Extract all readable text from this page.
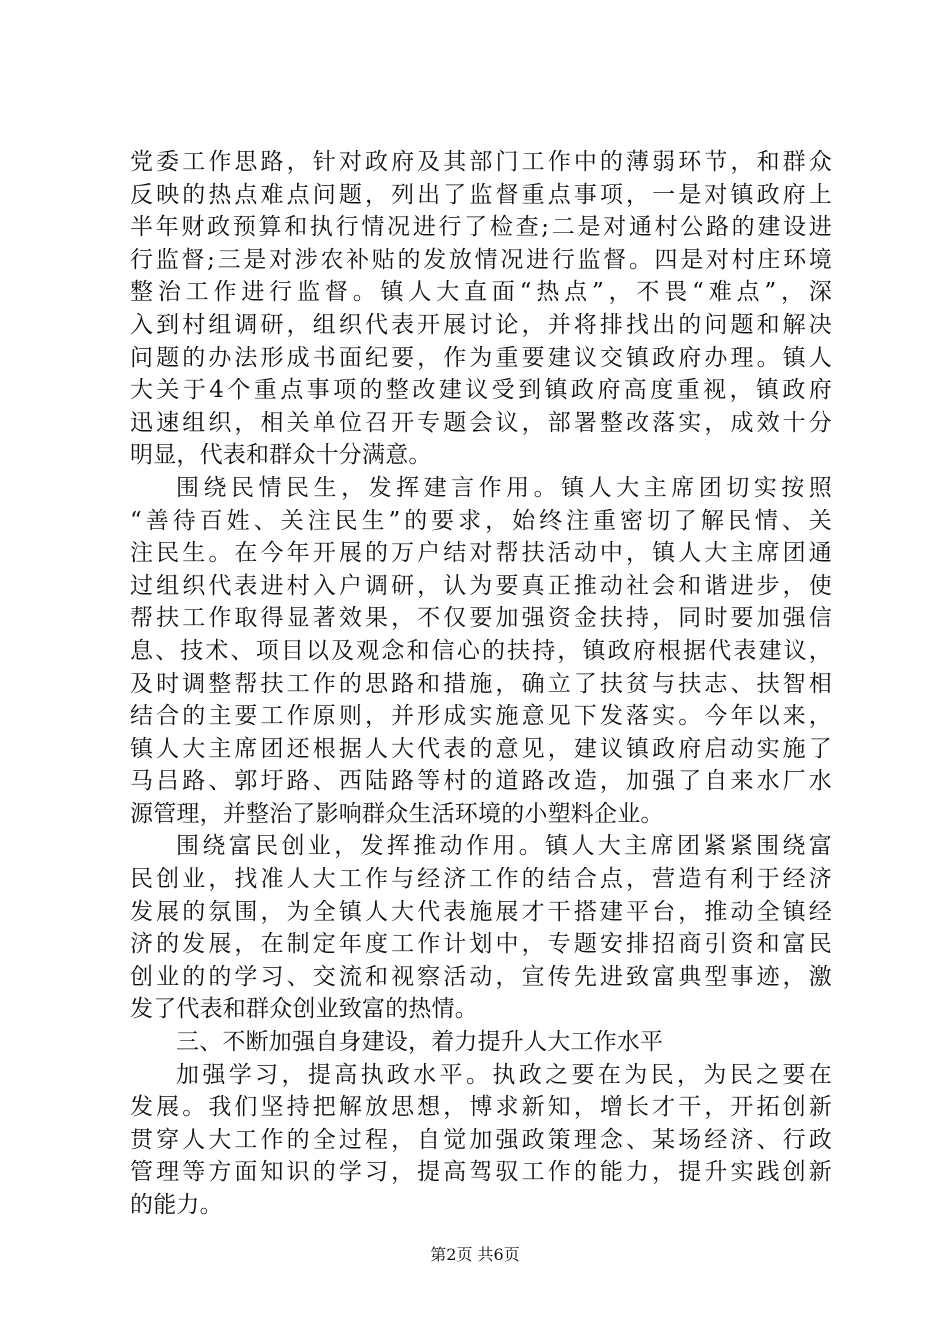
党委工作思路，针对政府及其部门工作中的薄弱环节，和群众
反映的热点难点问题，列出了监督重点事项，一是对镇政府上
半年财政预算和执行情况进行了检查;二是对通村公路的建设进
行监督;三是对涉农补贴的发放情况进行监督。四是对村庄环境
整治工作进行监督。镇人大直面“热点”，不畏“难点”，深
入到村组调研，组织代表开展讨论，并将排找出的问题和解决
问题的办法形成书面纪要，作为重要建议交镇政府办理。镇人
大关于4个重点事项的整改建议受到镇政府高度重视，镇政府
迅速组织，相关单位召开专题会议，部署整改落实，成效十分
明显，代表和群众十分满意。
围绕民情民生，发挥建言作用。镇人大主席团切实按照
“善待百姓、关注民生”的要求，始终注重密切了解民情、关
注民生。在今年开展的万户结对帮扶活动中，镇人大主席团通
过组织代表进村入户调研，认为要真正推动社会和谐进步，使
帮扶工作取得显著效果，不仅要加强资金扶持，同时要加强信
息、技术、项目以及观念和信心的扶持，镇政府根据代表建议，
及时调整帮扶工作的思路和措施，确立了扶贫与扶志、扶智相
结合的主要工作原则，并形成实施意见下发落实。今年以来，
镇人大主席团还根据人大代表的意见，建议镇政府启动实施了
马吕路、郭圩路、西陆路等村的道路改造，加强了自来水厂水
源管理，并整治了影响群众生活环境的小塑料企业。
围绕富民创业，发挥推动作用。镇人大主席团紧紧围绕富
民创业，找准人大工作与经济工作的结合点，营造有利于经济
发展的氛围，为全镇人大代表施展才干搭建平台，推动全镇经
济的发展，在制定年度工作计划中，专题安排招商引资和富民
创业的的学习、交流和视察活动，宣传先进致富典型事迹，激
发了代表和群众创业致富的热情。
三、不断加强自身建设，着力提升人大工作水平
加强学习，提高执政水平。执政之要在为民，为民之要在
发展。我们坚持把解放思想，博求新知，增长才干，开拓创新
贯穿人大工作的全过程，自觉加强政策理念、某场经济、行政
管理等方面知识的学习，提高驾驭工作的能力，提升实践创新
的能力。
第2页 共6页
